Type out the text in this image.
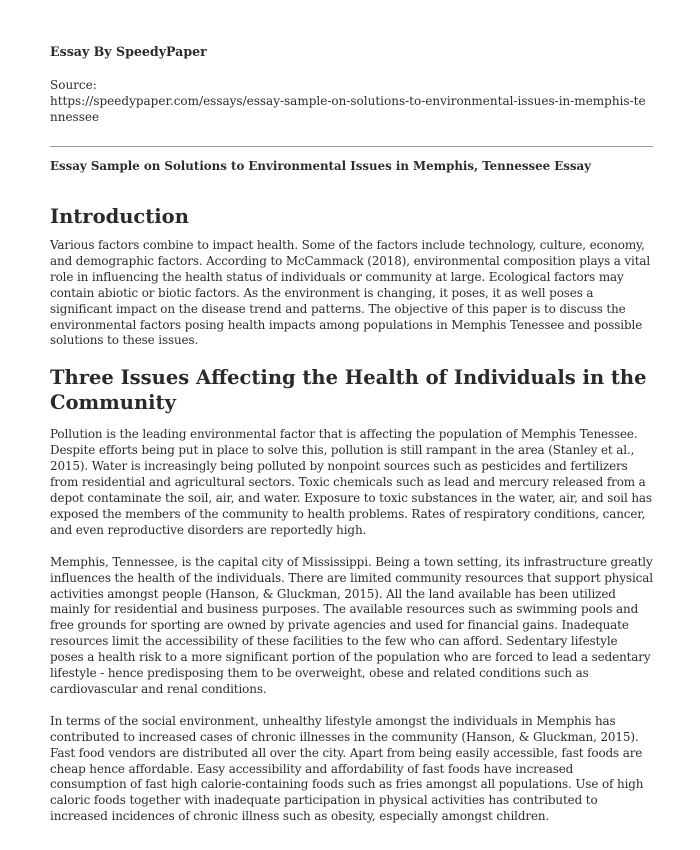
Essay By SpeedyPaper
Source:
https://speedypaper.com/essays/essay-sample-on-solutions-to-environmental-issues-in-memphis-tennessee
Essay Sample on Solutions to Environmental Issues in Memphis, Tennessee Essay
Introduction

Various factors combine to impact health. Some of the factors include technology, culture, economy, and demographic factors. According to McCammack (2018), environmental composition plays a vital role in influencing the health status of individuals or community at large. Ecological factors may contain abiotic or biotic factors. As the environment is changing, it poses, it as well poses a significant impact on the disease trend and patterns. The objective of this paper is to discuss the environmental factors posing health impacts among populations in Memphis Tenessee and possible solutions to these issues.

Three Issues Affecting the Health of Individuals in the Community

Pollution is the leading environmental factor that is affecting the population of Memphis Tenessee. Despite efforts being put in place to solve this, pollution is still rampant in the area (Stanley et al., 2015). Water is increasingly being polluted by nonpoint sources such as pesticides and fertilizers from residential and agricultural sectors. Toxic chemicals such as lead and mercury released from a depot contaminate the soil, air, and water. Exposure to toxic substances in the water, air, and soil has exposed the members of the community to health problems. Rates of respiratory conditions, cancer, and even reproductive disorders are reportedly high.

Memphis, Tennessee, is the capital city of Mississippi. Being a town setting, its infrastructure greatly influences the health of the individuals. There are limited community resources that support physical activities amongst people (Hanson, & Gluckman, 2015). All the land available has been utilized mainly for residential and business purposes. The available resources such as swimming pools and free grounds for sporting are owned by private agencies and used for financial gains. Inadequate resources limit the accessibility of these facilities to the few who can afford. Sedentary lifestyle poses a health risk to a more significant portion of the population who are forced to lead a sedentary lifestyle - hence predisposing them to be overweight, obese and related conditions such as cardiovascular and renal conditions.

In terms of the social environment, unhealthy lifestyle amongst the individuals in Memphis has contributed to increased cases of chronic illnesses in the community (Hanson, & Gluckman, 2015). Fast food vendors are distributed all over the city. Apart from being easily accessible, fast foods are cheap hence affordable. Easy accessibility and affordability of fast foods have increased consumption of fast high calorie-containing foods such as fries amongst all populations. Use of high caloric foods together with inadequate participation in physical activities has contributed to increased incidences of chronic illness such as obesity, especially amongst children.
